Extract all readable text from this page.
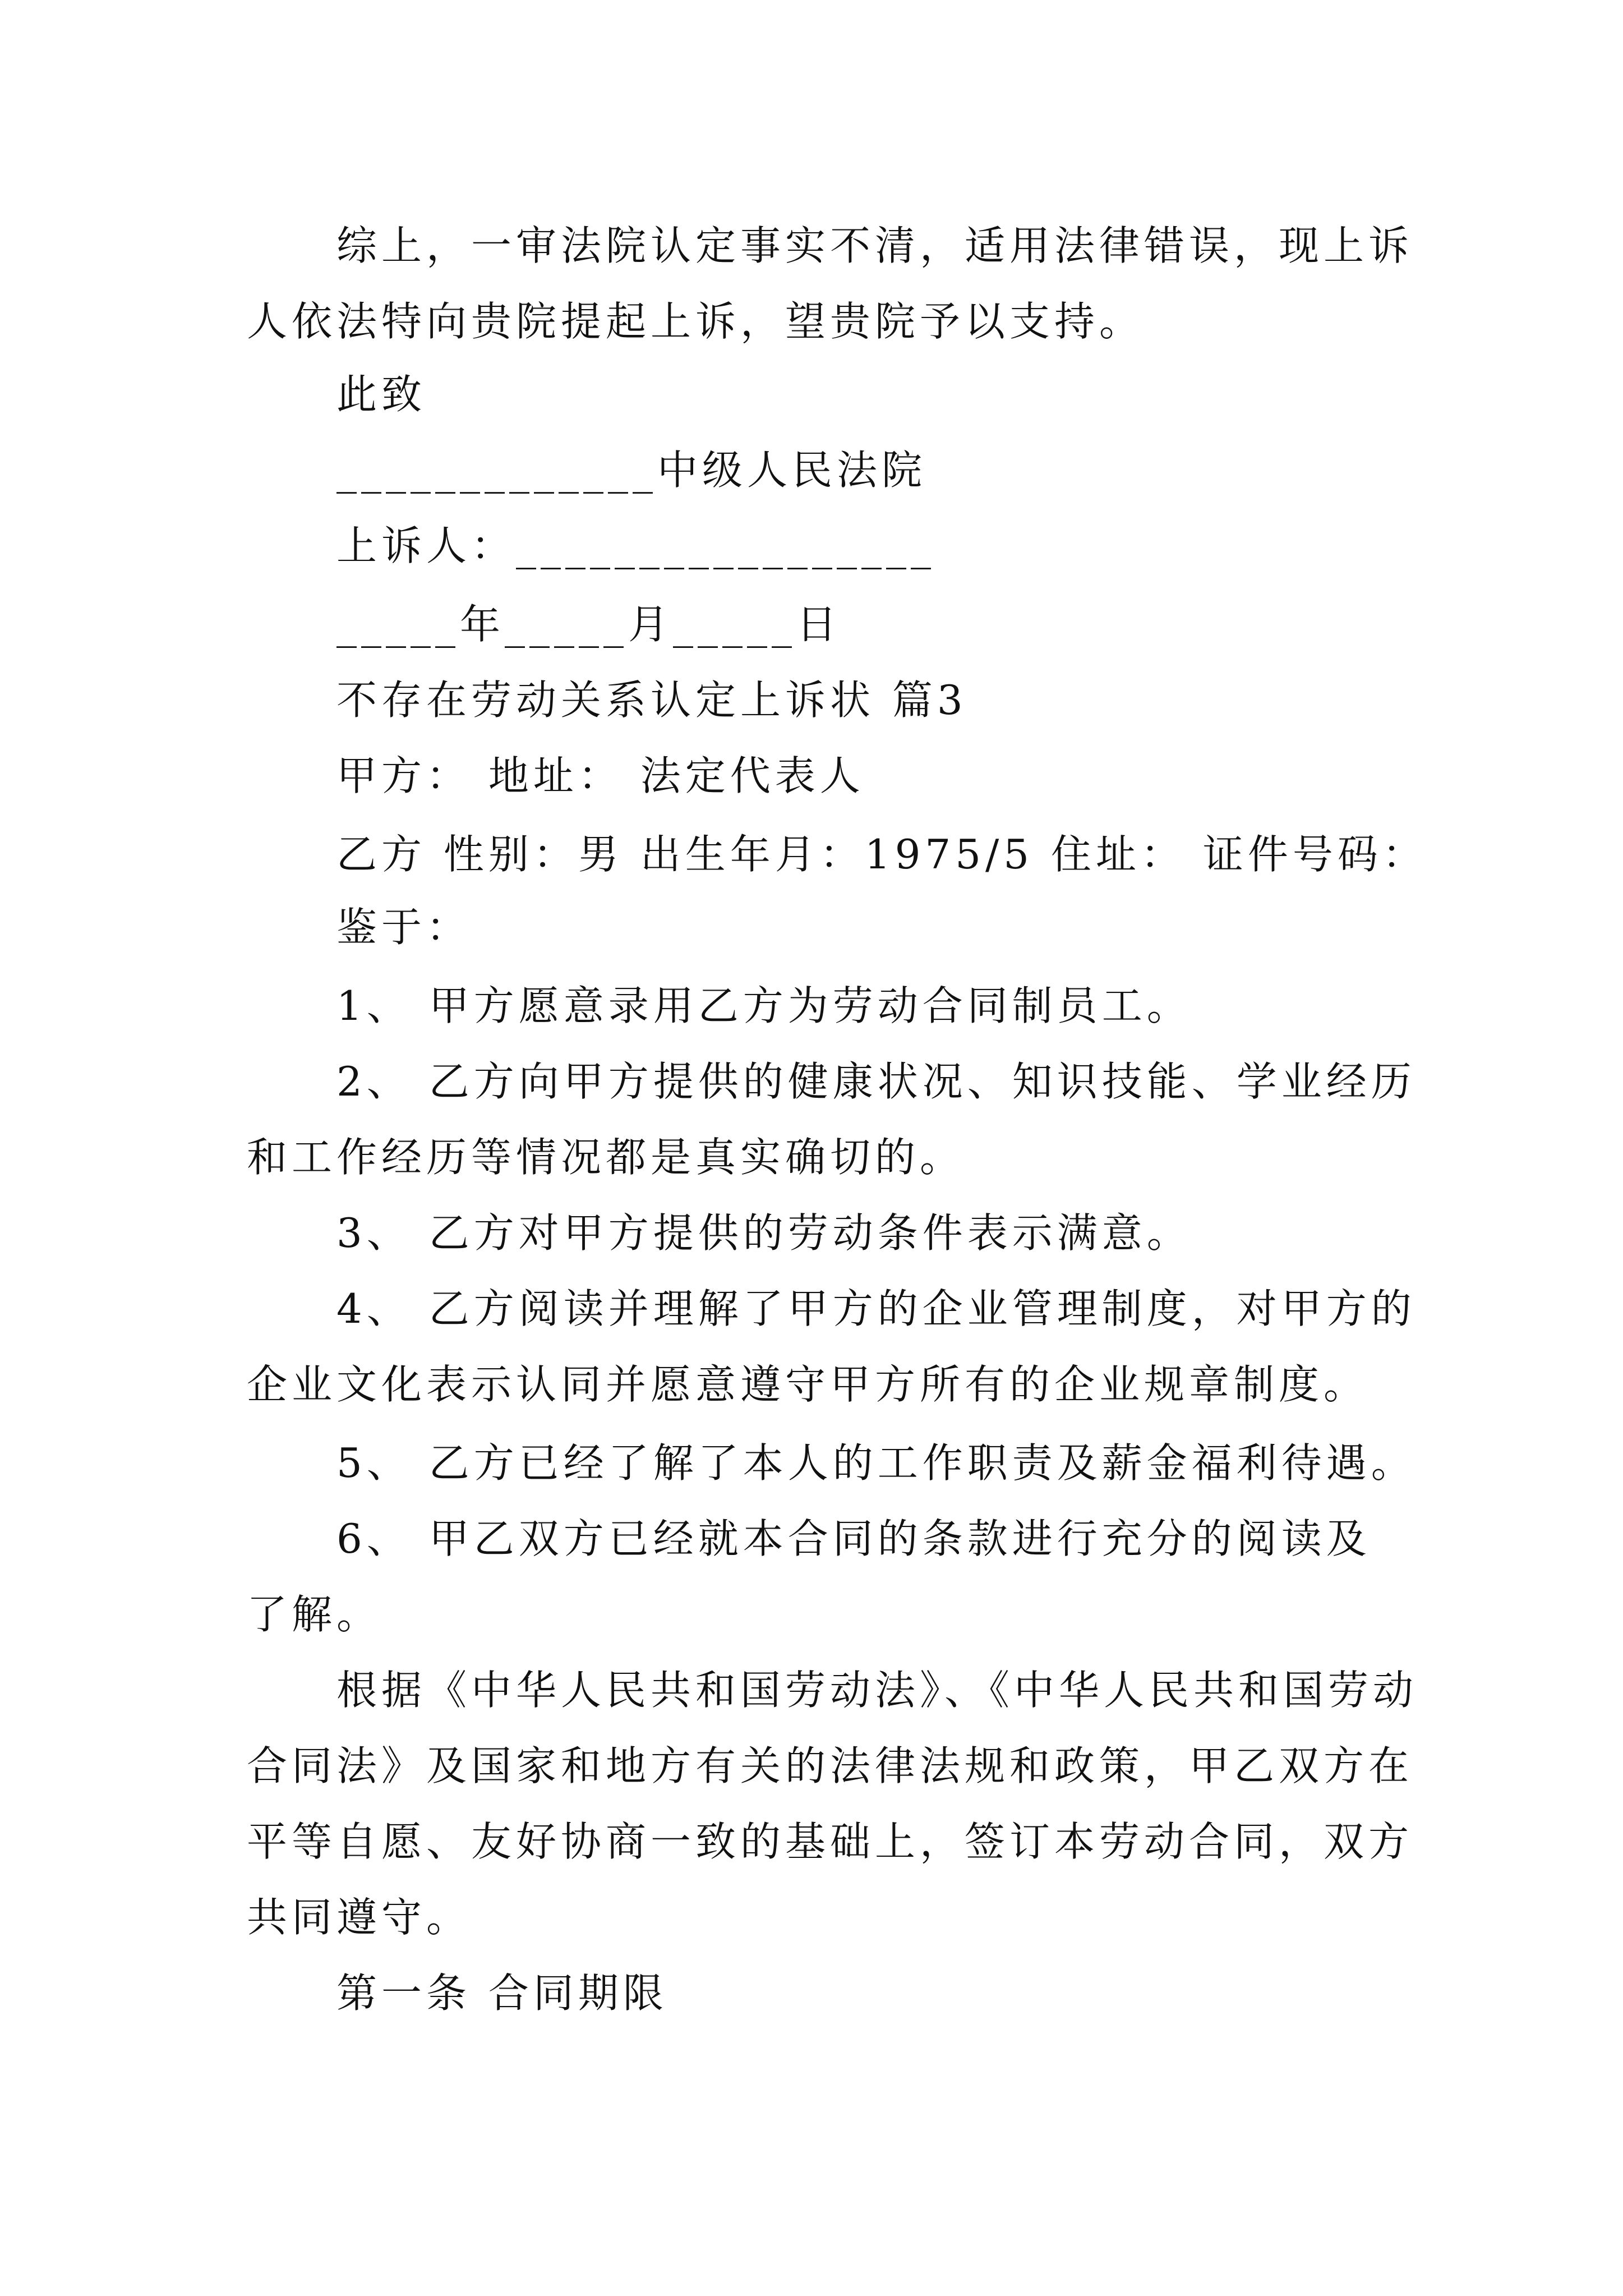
综上，一审法院认定事实不清，适用法律错误，现上诉
人依法特向贵院提起上诉，望贵院予以支持。
此致
_____________中级人民法院
上诉人：_________________
_____年_____月_____日
不存在劳动关系认定上诉状 篇3
甲方： 地址： 法定代表人
乙方 性别：男 出生年月：1975/5 住址： 证件号码：
鉴于：
1、 甲方愿意录用乙方为劳动合同制员工。
2、 乙方向甲方提供的健康状况、知识技能、学业经历
和工作经历等情况都是真实确切的。
3、 乙方对甲方提供的劳动条件表示满意。
4、 乙方阅读并理解了甲方的企业管理制度，对甲方的
企业文化表示认同并愿意遵守甲方所有的企业规章制度。
5、 乙方已经了解了本人的工作职责及薪金福利待遇。
6、 甲乙双方已经就本合同的条款进行充分的阅读及
了解。
根据《中华人民共和国劳动法》、《中华人民共和国劳动
合同法》及国家和地方有关的法律法规和政策，甲乙双方在
平等自愿、友好协商一致的基础上，签订本劳动合同，双方
共同遵守。
第一条 合同期限
